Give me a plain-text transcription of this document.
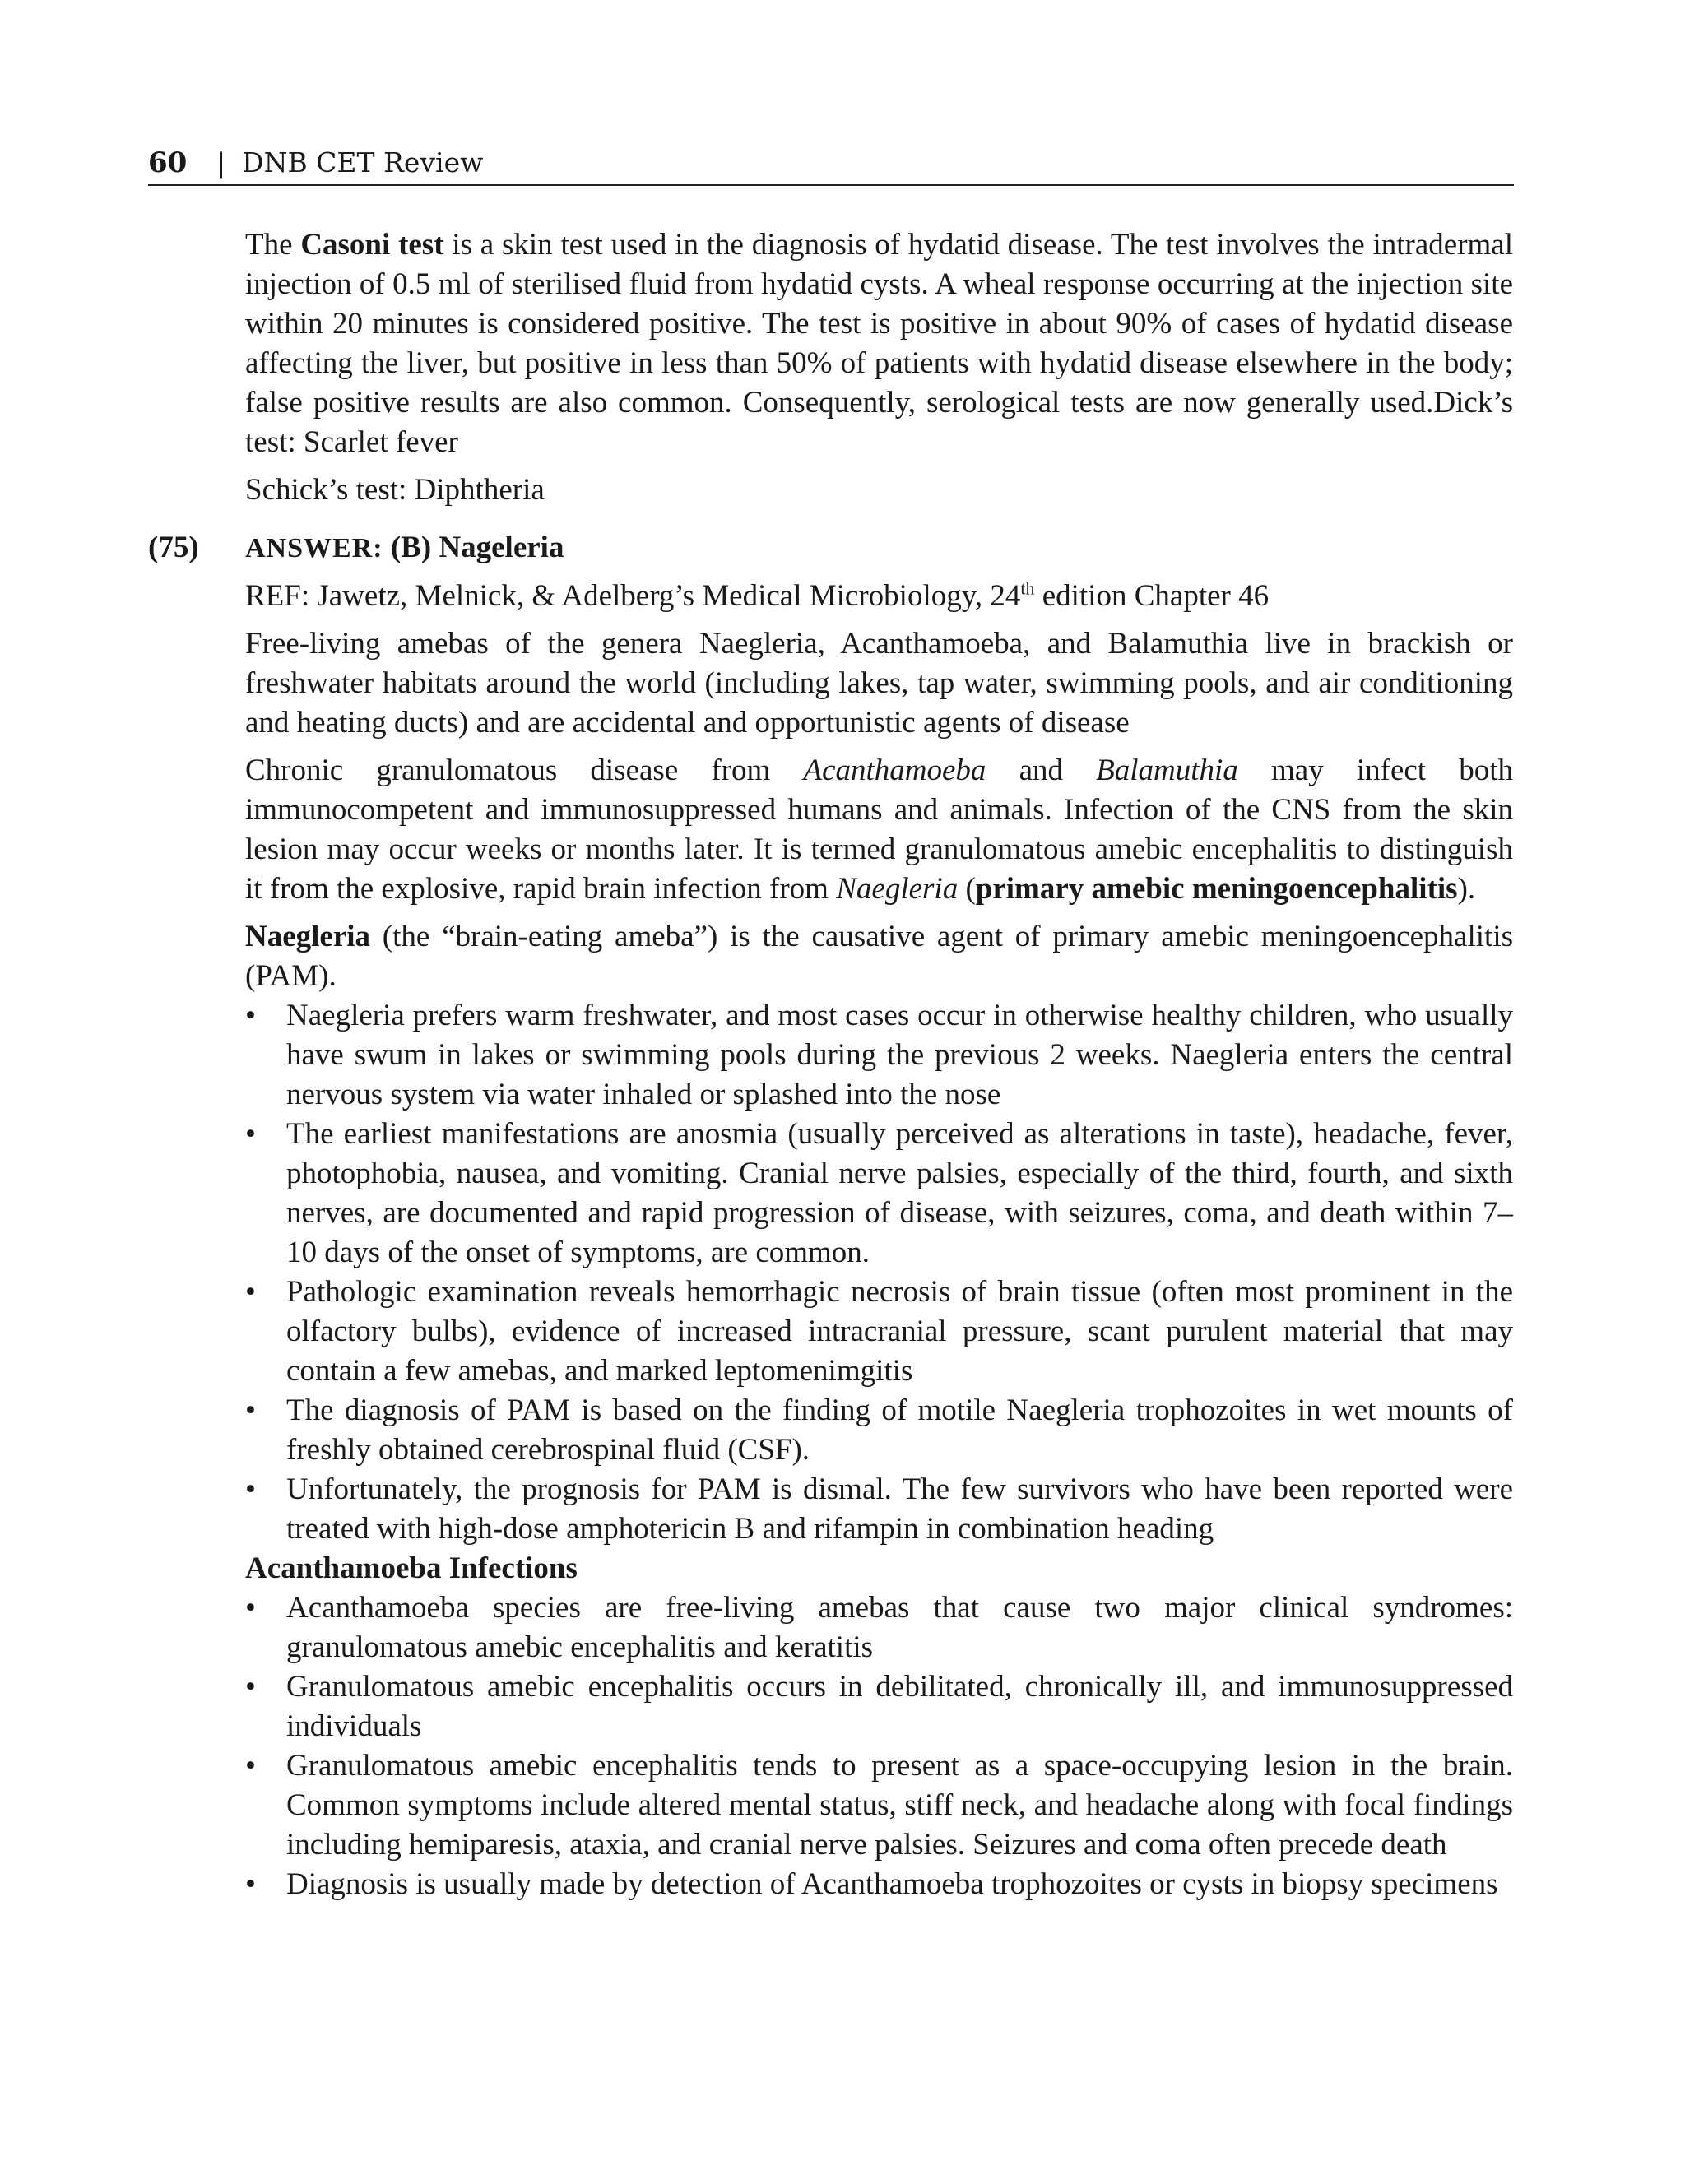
60 | DNB CET Review

The Casoni test is a skin test used in the diagnosis of hydatid disease. The test involves the intradermal injection of 0.5 ml of sterilised fluid from hydatid cysts. A wheal response occurring at the injection site within 20 minutes is considered positive. The test is positive in about 90% of cases of hydatid disease affecting the liver, but positive in less than 50% of patients with hydatid disease elsewhere in the body; false positive results are also common. Consequently, serological tests are now generally used.Dick’s test: Scarlet fever

Schick’s test: Diphtheria

(75) ANSWER: (B) Nageleria

REF: Jawetz, Melnick, & Adelberg’s Medical Microbiology, 24th edition Chapter 46

Free-living amebas of the genera Naegleria, Acanthamoeba, and Balamuthia live in brackish or freshwater habitats around the world (including lakes, tap water, swimming pools, and air conditioning and heating ducts) and are accidental and opportunistic agents of disease

Chronic granulomatous disease from Acanthamoeba and Balamuthia may infect both immunocompetent and immunosuppressed humans and animals. Infection of the CNS from the skin lesion may occur weeks or months later. It is termed granulomatous amebic encephalitis to distinguish it from the explosive, rapid brain infection from Naegleria (primary amebic meningoencephalitis).

Naegleria (the “brain-eating ameba”) is the causative agent of primary amebic meningoencephalitis (PAM).

• Naegleria prefers warm freshwater, and most cases occur in otherwise healthy children, who usually have swum in lakes or swimming pools during the previous 2 weeks. Naegleria enters the central nervous system via water inhaled or splashed into the nose
• The earliest manifestations are anosmia (usually perceived as alterations in taste), headache, fever, photophobia, nausea, and vomiting. Cranial nerve palsies, especially of the third, fourth, and sixth nerves, are documented and rapid progression of disease, with seizures, coma, and death within 7–10 days of the onset of symptoms, are common.
• Pathologic examination reveals hemorrhagic necrosis of brain tissue (often most prominent in the olfactory bulbs), evidence of increased intracranial pressure, scant purulent material that may contain a few amebas, and marked leptomenimgitis
• The diagnosis of PAM is based on the finding of motile Naegleria trophozoites in wet mounts of freshly obtained cerebrospinal fluid (CSF).
• Unfortunately, the prognosis for PAM is dismal. The few survivors who have been reported were treated with high-dose amphotericin B and rifampin in combination heading

Acanthamoeba Infections

• Acanthamoeba species are free-living amebas that cause two major clinical syndromes: granulomatous amebic encephalitis and keratitis
• Granulomatous amebic encephalitis occurs in debilitated, chronically ill, and immunosuppressed individuals
• Granulomatous amebic encephalitis tends to present as a space-occupying lesion in the brain. Common symptoms include altered mental status, stiff neck, and headache along with focal findings including hemiparesis, ataxia, and cranial nerve palsies. Seizures and coma often precede death
• Diagnosis is usually made by detection of Acanthamoeba trophozoites or cysts in biopsy specimens
